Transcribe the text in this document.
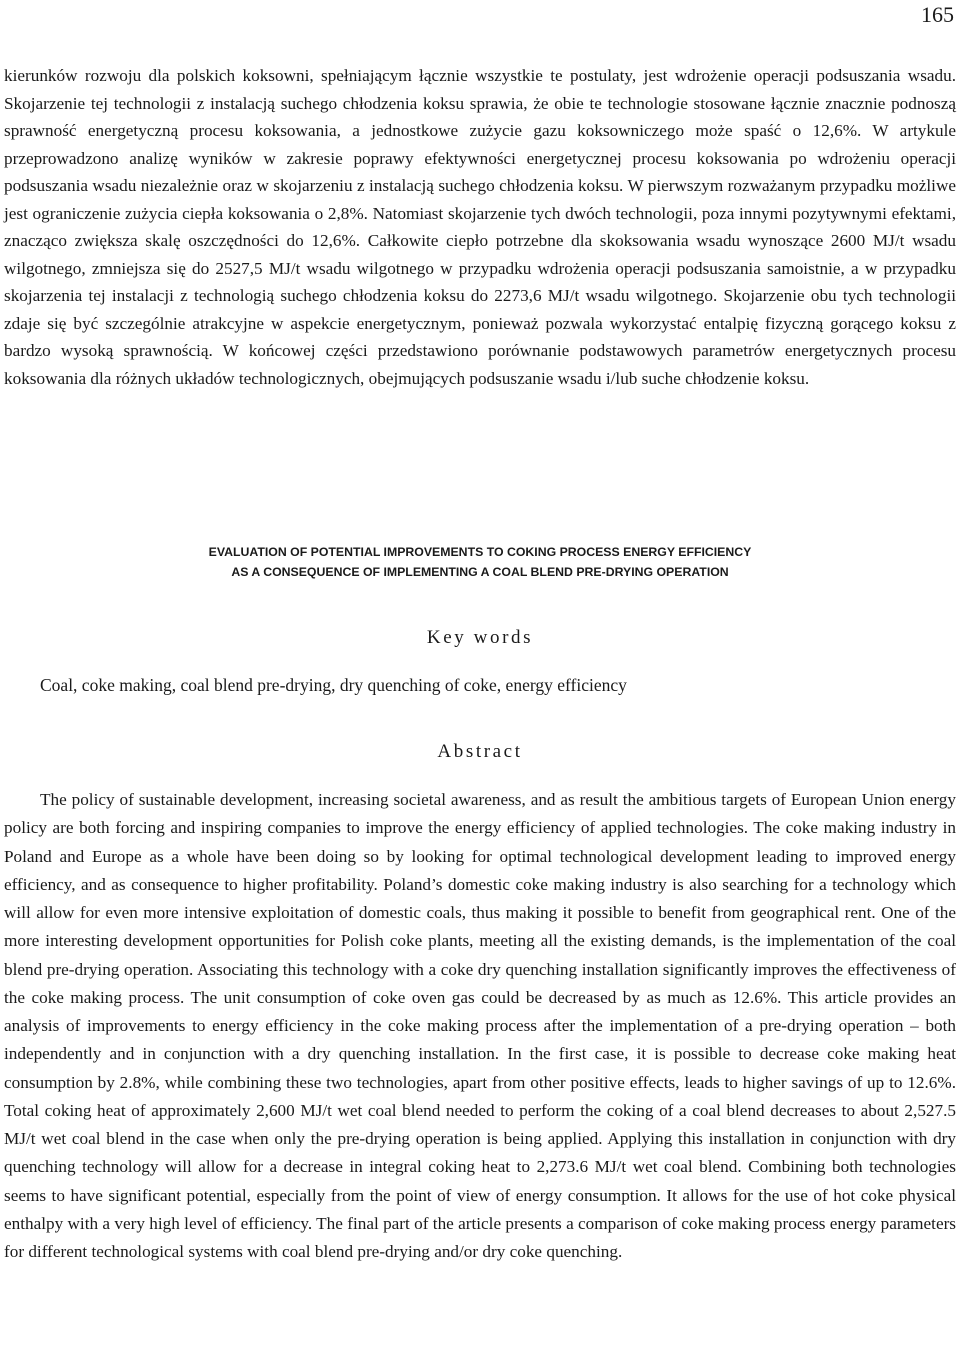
165

kierunków rozwoju dla polskich koksowni, spełniającym łącznie wszystkie te postulaty, jest wdrożenie operacji podsuszania wsadu. Skojarzenie tej technologii z instalacją suchego chłodzenia koksu sprawia, że obie te technologie stosowane łącznie znacznie podnoszą sprawność energetyczną procesu koksowania, a jednostkowe zużycie gazu koksowniczego może spaść o 12,6%. W artykule przeprowadzono analizę wyników w zakresie poprawy efektywności energetycznej procesu koksowania po wdrożeniu operacji podsuszania wsadu niezależnie oraz w skojarzeniu z instalacją suchego chłodzenia koksu. W pierwszym rozważanym przypadku możliwe jest ograniczenie zużycia ciepła koksowania o 2,8%. Natomiast skojarzenie tych dwóch technologii, poza innymi pozytywnymi efektami, znacząco zwiększa skalę oszczędności do 12,6%. Całkowite ciepło potrzebne dla skoksowania wsadu wynoszące 2600 MJ/t wsadu wilgotnego, zmniejsza się do 2527,5 MJ/t wsadu wilgotnego w przypadku wdrożenia operacji podsuszania samoistnie, a w przypadku skojarzenia tej instalacji z technologią suchego chłodzenia koksu do 2273,6 MJ/t wsadu wilgotnego. Skojarzenie obu tych technologii zdaje się być szczególnie atrakcyjne w aspekcie energetycznym, ponieważ pozwala wykorzystać entalpię fizyczną gorącego koksu z bardzo wysoką sprawnością. W końcowej części przedstawiono porównanie podstawowych parametrów energetycznych procesu koksowania dla różnych układów technologicznych, obejmujących podsuszanie wsadu i/lub suche chłodzenie koksu.

EVALUATION OF POTENTIAL IMPROVEMENTS TO COKING PROCESS ENERGY EFFICIENCY
AS A CONSEQUENCE OF IMPLEMENTING A COAL BLEND PRE-DRYING OPERATION
Key words
Coal, coke making, coal blend pre-drying, dry quenching of coke, energy efficiency
Abstract

The policy of sustainable development, increasing societal awareness, and as result the ambitious targets of European Union energy policy are both forcing and inspiring companies to improve the energy efficiency of applied technologies. The coke making industry in Poland and Europe as a whole have been doing so by looking for optimal technological development leading to improved energy efficiency, and as consequence to higher profitability. Poland’s domestic coke making industry is also searching for a technology which will allow for even more intensive exploitation of domestic coals, thus making it possible to benefit from geographical rent. One of the more interesting development opportunities for Polish coke plants, meeting all the existing demands, is the implementation of the coal blend pre-drying operation. Associating this technology with a coke dry quenching installation significantly improves the effectiveness of the coke making process. The unit consumption of coke oven gas could be decreased by as much as 12.6%. This article provides an analysis of improvements to energy efficiency in the coke making process after the implementation of a pre-drying operation – both independently and in conjunction with a dry quenching installation. In the first case, it is possible to decrease coke making heat consumption by 2.8%, while combining these two technologies, apart from other positive effects, leads to higher savings of up to 12.6%. Total coking heat of approximately 2,600 MJ/t wet coal blend needed to perform the coking of a coal blend decreases to about 2,527.5 MJ/t wet coal blend in the case when only the pre-drying operation is being applied. Applying this installation in conjunction with dry quenching technology will allow for a decrease in integral coking heat to 2,273.6 MJ/t wet coal blend. Combining both technologies seems to have significant potential, especially from the point of view of energy consumption. It allows for the use of hot coke physical enthalpy with a very high level of efficiency. The final part of the article presents a comparison of coke making process energy parameters for different technological systems with coal blend pre-drying and/or dry coke quenching.
